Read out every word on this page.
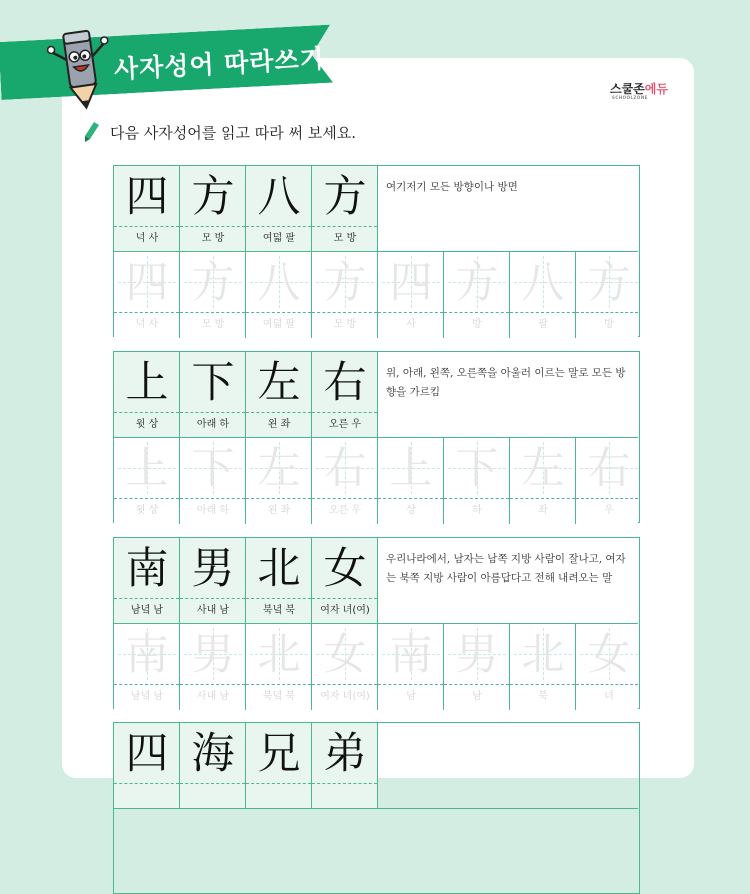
사자성어 따라쓰기
스쿨존에듀
SCHOOLZONE
다음 사자성어를 읽고 따라 써 보세요.
四
넉 사
方
모 방
八
여덟 팔
方
모 방
여기저기 모든 방향이나 방면
四
넉 사
方
모 방
八
여덟 팔
方
모 방
四
사
方
방
八
팔
方
방
上
윗 상
下
아래 하
左
왼 좌
右
오른 우
위, 아래, 왼쪽, 오른쪽을 아울러 이르는 말로 모든 방향을 가르킴
上
윗 상
下
아래 하
左
왼 좌
右
오른 우
上
상
下
하
左
좌
右
우
南
남녘 남
男
사내 남
北
북녘 북
女
여자 녀(여)
우리나라에서, 남자는 남쪽 지방 사람이 잘나고, 여자는 북쪽 지방 사람이 아름답다고 전해 내려오는 말
南
남녘 남
男
사내 남
北
북녘 북
女
여자 녀(여)
南
남
男
남
北
북
女
녀
四 海 兄 弟
